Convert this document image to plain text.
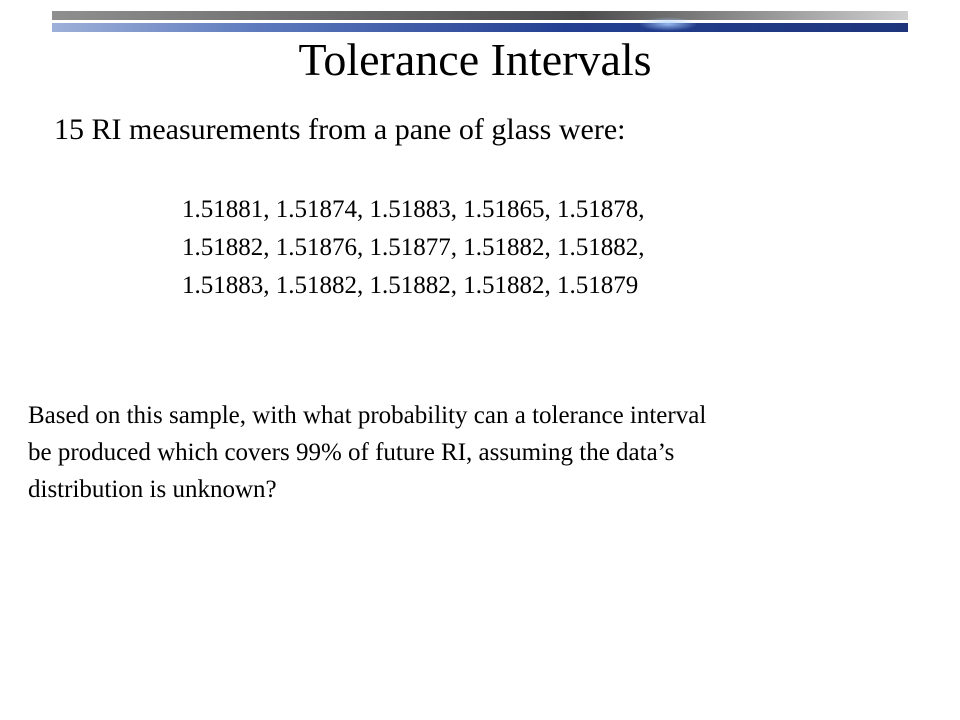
Tolerance Intervals
15 RI measurements from a pane of glass were:
1.51881, 1.51874, 1.51883, 1.51865, 1.51878,
1.51882, 1.51876, 1.51877, 1.51882, 1.51882,
1.51883, 1.51882, 1.51882, 1.51882, 1.51879
Based on this sample, with what probability can a tolerance interval
be produced which covers 99% of future RI, assuming the data’s
distribution is unknown?
